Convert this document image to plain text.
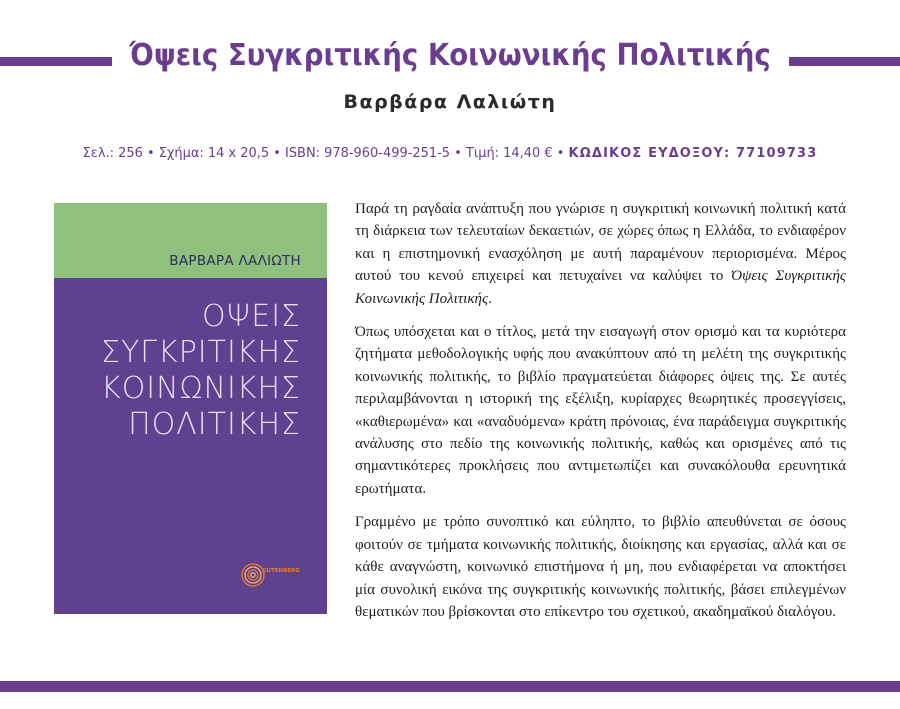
Όψεις Συγκριτικής Κοινωνικής Πολιτικής
Βαρβάρα Λαλιώτη
Σελ.: 256 • Σχήμα: 14 x 20,5 • ISBN: 978-960-499-251-5 • Τιμή: 14,40 € • ΚΩΔΙΚΟΣ ΕΥΔΟΞΟΥ: 77109733
ΒΑΡΒΑΡΑ ΛΑΛΙΩΤΗ
ΟΨΕΙΣ
ΣΥΓΚΡΙΤΙΚΗΣ
ΚΟΙΝΩΝΙΚΗΣ
ΠΟΛΙΤΙΚΗΣ
GUTENBERG

Παρά τη ραγδαία ανάπτυξη που γνώρισε η συγκριτική κοινωνική πολιτική κατά τη διάρκεια των τελευταίων δεκαετιών, σε χώρες όπως η Ελλάδα, το ενδιαφέρον και η επιστημονική ενασχόληση με αυτή παραμένουν περιορισμένα. Μέρος αυτού του κενού επιχειρεί και πετυχαίνει να καλύψει το Όψεις Συγκριτικής Κοινωνικής Πολιτικής.

Όπως υπόσχεται και ο τίτλος, μετά την εισαγωγή στον ορισμό και τα κυριότερα ζητήματα μεθοδολογικής υφής που ανακύπτουν από τη μελέτη της συγκριτικής κοινωνικής πολιτικής, το βιβλίο πραγματεύεται διάφορες όψεις της. Σε αυτές περιλαμβάνονται η ιστορική της εξέλιξη, κυρίαρχες θεωρητικές προσεγγίσεις, «καθιερωμένα» και «αναδυόμενα» κράτη πρόνοιας, ένα παράδειγμα συγκριτικής ανάλυσης στο πεδίο της κοινωνικής πολιτικής, καθώς και ορισμένες από τις σημαντικότερες προκλήσεις που αντιμετωπίζει και συνακόλουθα ερευνητικά ερωτήματα.

Γραμμένο με τρόπο συνοπτικό και εύληπτο, το βιβλίο απευθύνεται σε όσους φοιτούν σε τμήματα κοινωνικής πολιτικής, διοίκησης και εργασίας, αλλά και σε κάθε αναγνώστη, κοινωνικό επιστήμονα ή μη, που ενδιαφέρεται να αποκτήσει μία συνολική εικόνα της συγκριτικής κοινωνικής πολιτικής, βάσει επιλεγμένων θεματικών που βρίσκονται στο επίκεντρο του σχετικού, ακαδημαϊκού διαλόγου.
